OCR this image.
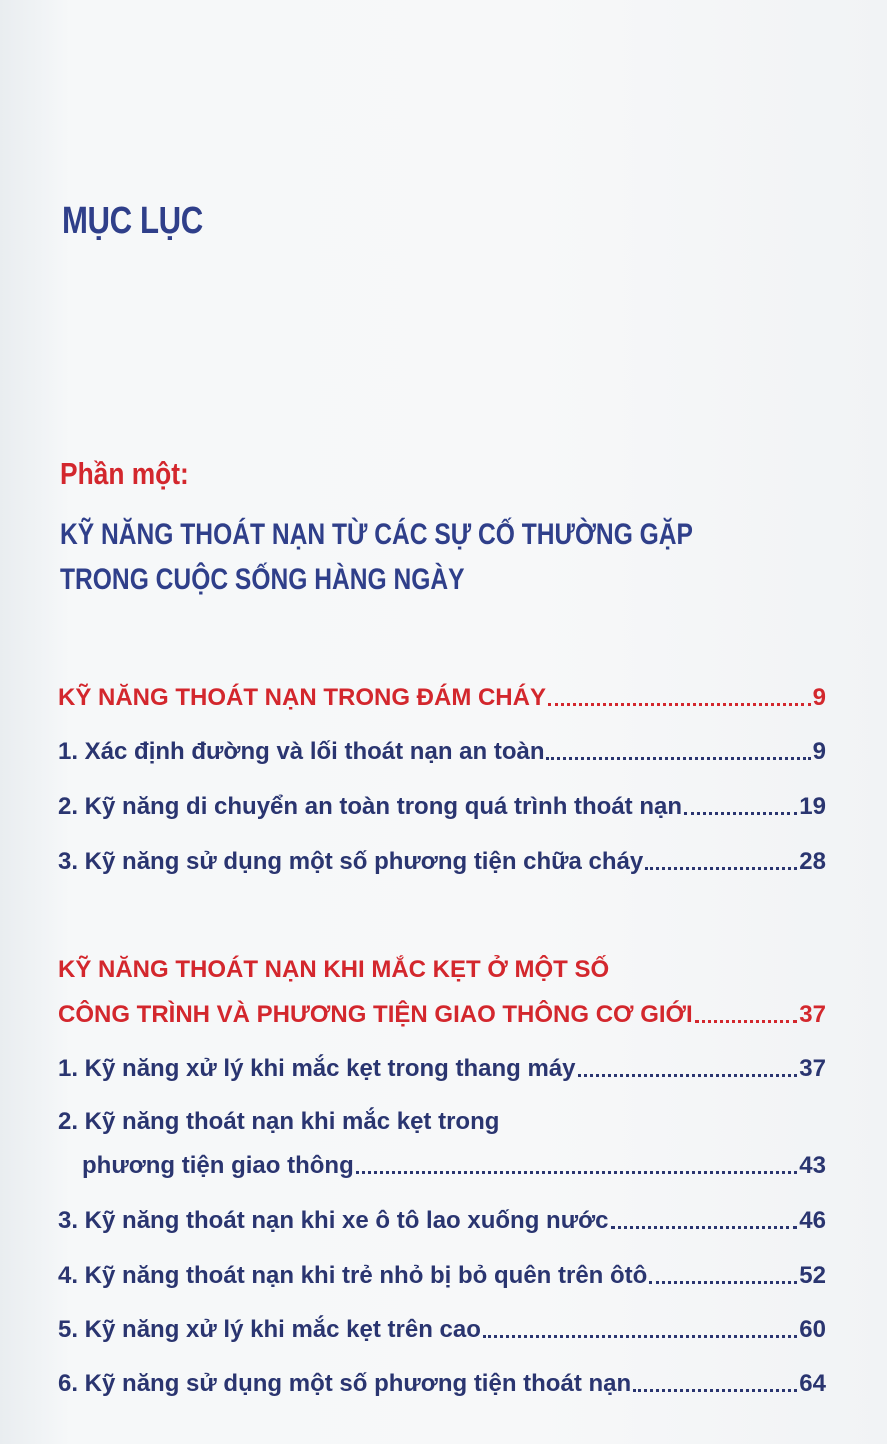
MỤC LỤC
Phần một:
KỸ NĂNG THOÁT NẠN TỪ CÁC SỰ CỐ THƯỜNG GẶP
TRONG CUỘC SỐNG HÀNG NGÀY
KỸ NĂNG THOÁT NẠN TRONG ĐÁM CHÁY	9
1. Xác định đường và lối thoát nạn an toàn	9
2. Kỹ năng di chuyển an toàn trong quá trình thoát nạn	19
3. Kỹ năng sử dụng một số phương tiện chữa cháy	28
KỸ NĂNG THOÁT NẠN KHI MẮC KẸT Ở MỘT SỐ
CÔNG TRÌNH VÀ PHƯƠNG TIỆN GIAO THÔNG CƠ GIỚI	37
1. Kỹ năng xử lý khi mắc kẹt trong thang máy	37
2. Kỹ năng thoát nạn khi mắc kẹt trong
phương tiện giao thông	43
3. Kỹ năng thoát nạn khi xe ô tô lao xuống nước	46
4. Kỹ năng thoát nạn khi trẻ nhỏ bị bỏ quên trên ôtô	52
5. Kỹ năng xử lý khi mắc kẹt trên cao	60
6. Kỹ năng sử dụng một số phương tiện thoát nạn	64
